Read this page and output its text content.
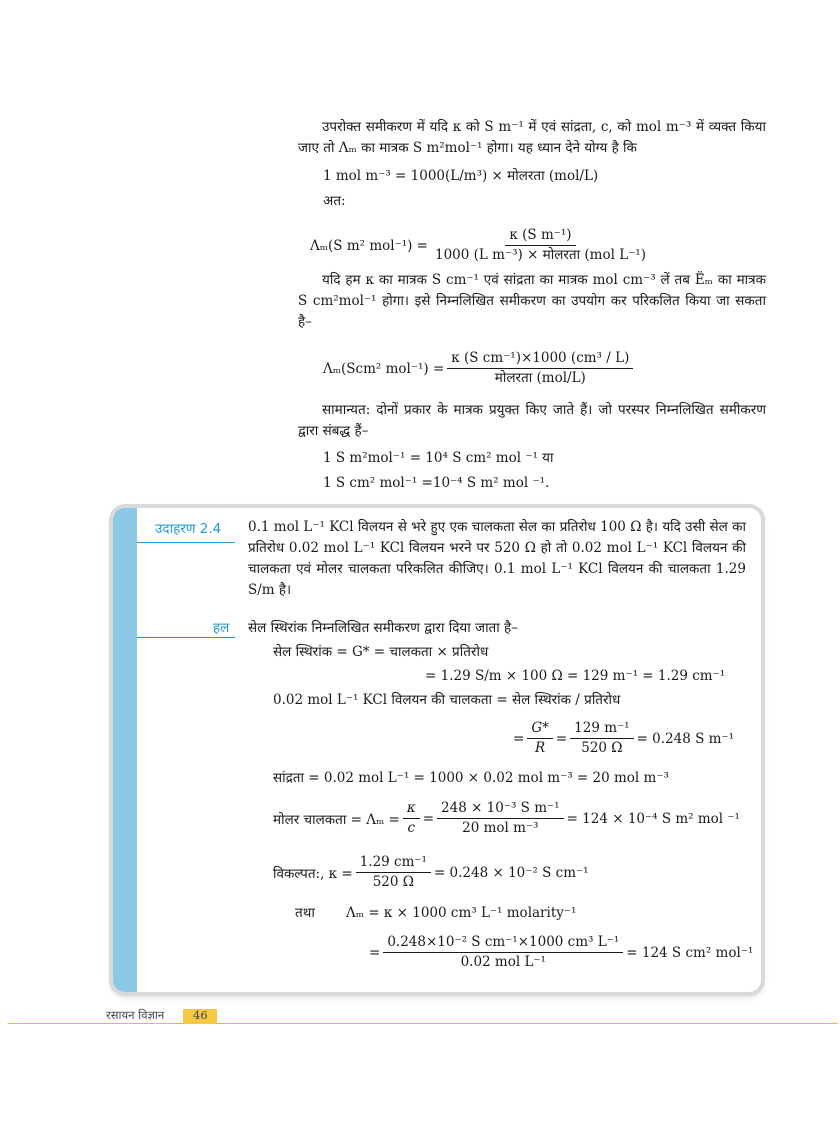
उपरोक्त समीकरण में यदि κ को S m⁻¹ में एवं सांद्रता, c, को mol m⁻³ में व्यक्त किया जाए तो Λₘ का मात्रक S m²mol⁻¹ होगा। यह ध्यान देने योग्य है कि
1 mol m⁻³ = 1000(L/m³) × मोलरता (mol/L)
अत:
Λₘ(S m² $mol^{-1}) = \frac{\text{κ (S m⁻¹)}}{\text{1000 (L m⁻³) × मोलरता (mol L⁻¹)}}$
यदि हम κ का मात्रक S cm⁻¹ एवं सांद्रता का मात्रक mol cm⁻³ लें तब Ë̈ₘ का मात्रक S cm²mol⁻¹ होगा। इसे निम्नलिखित समीकरण का उपयोग कर परिकलित किया जा सकता है–
Λₘ(Scm² $mol^{-1}) = \frac{\text{κ (S cm⁻¹)×1000 (cm³ / L)}}{\text{मोलरता (mol/L)}}$
सामान्यत: दोनों प्रकार के मात्रक प्रयुक्त किए जाते हैं। जो परस्पर निम्नलिखित समीकरण द्वारा संबद्ध हैं–
1 S m²mol⁻¹ = 10⁴ S cm² mol ⁻¹ या
1 S cm² mol⁻¹ =10⁻⁴ S m² mol ⁻¹.
उदाहरण 2.4 0.1 mol L⁻¹ KCl विलयन से भरे हुए एक चालकता सेल का प्रतिरोध 100 Ω है। यदि उसी सेल का प्रतिरोध 0.02 mol L⁻¹ KCl विलयन भरने पर 520 Ω हो तो 0.02 mol L⁻¹ KCl विलयन की चालकता एवं मोलर चालकता परिकलित कीजिए। 0.1 mol L⁻¹ KCl विलयन की चालकता 1.29 S/m है।
हल सेल स्थिरांक निम्नलिखित समीकरण द्वारा दिया जाता है–
सेल स्थिरांक = G* = चालकता × प्रतिरोध
= 1.29 S/m × 100 Ω = 129 m⁻¹ = 1.29 cm⁻¹
0.02 mol L⁻¹ KCl विलयन की चालकता = सेल स्थिरांक / प्रतिरोध
= $\frac{G*}{R} = \frac{\text{129 m⁻¹}}{520 \Omega} = 0.248$ S m⁻¹
सांद्रता = 0.02 mol L⁻¹ = 1000 × 0.02 mol m⁻³ = 20 mol m⁻³
मोलर चालकता = $\Lambda_m = \frac{\kappa}{c} = \frac{\text{248 × 10⁻³ S m⁻¹}}{\text{20 mol m⁻³}} = 124 \times 10^{-4}$ S m² mol ⁻¹
विकल्पत:, $\kappa = \frac{\text{1.29 cm⁻¹}}{520 \Omega} = 0.248 \times 10^{-2}$ S cm⁻¹
तथा Λₘ = κ × 1000 cm³ L⁻¹ molarity⁻¹
= $\frac{\text{0.248×10⁻² S cm⁻¹×1000 cm³ L⁻¹}}{\text{0.02 mol L⁻¹}} = 124$ S cm² mol⁻¹
रसायन विज्ञान 46
